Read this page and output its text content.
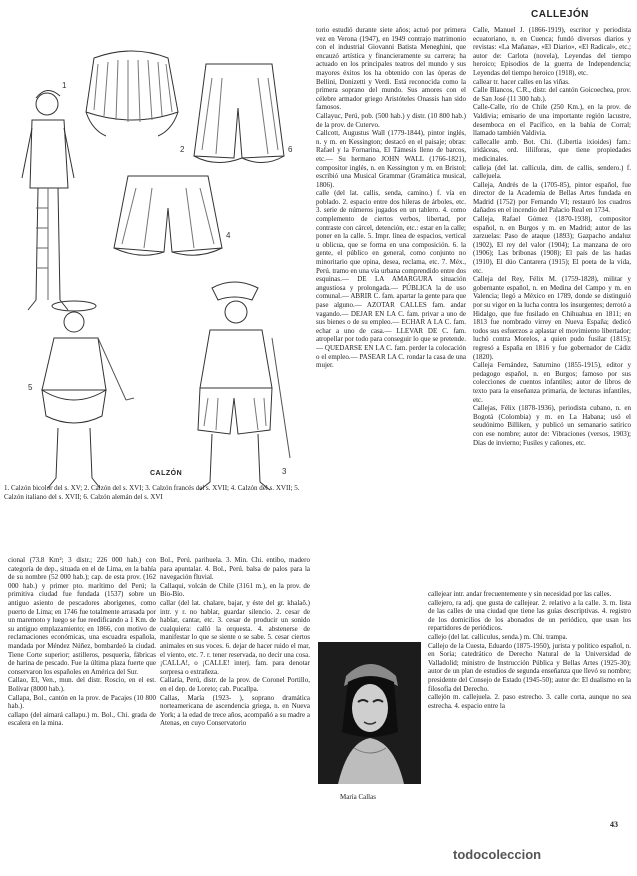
CALLEJÓN
1
2	6
4
5
3
CALZÓN
1. Calzón bicolor del s. XV; 2. Calzón del s. XVI; 3. Calzón francés del s. XVII; 4. Calzón del s. XVII; 5. Calzón italiano del s. XVII; 6. Calzón alemán del s. XVI

torio estudió durante siete años; actuó por primera vez en Verona (1947), en 1949 contrajo matrimonio con el industrial Giovanni Batista Meneghini, que encauzó artística y financieramente su carrera; ha actuado en los principales teatros del mundo y sus mayores éxitos los ha obtenido con las óperas de Bellini, Donizetti y Verdi. Está reconocida como la primera soprano del mundo. Sus amores con el célebre armador griego Aristóteles Onassis han sido famosos.

Callayuc, Perú, pob. (500 hab.) y distr. (10 800 hab.) de la prov. de Cutervo.

Callcott, Augustus Wall (1779-1844), pintor inglés, n. y m. en Kessington; destacó en el paisaje; obras: Rafael y la Fornarina, El Támesis lleno de barcos, etc.— Su hermano JOHN WALL (1766-1821), compositor inglés, n. en Kessington y m. en Bristol; escribió una Musical Grammar (Gramática musical, 1806).

calle (del lat. callis, senda, camino.) f. vía en poblado. 2. espacio entre dos hileras de árboles, etc. 3. serie de números jugados en un tablero. 4. como complemento de ciertos verbos, libertad, por contraste con cárcel, detención, etc.: estar en la calle; poner en la calle. 5. Impr. línea de espacios, vertical u oblicua, que se forma en una composición. 6. la gente, el público en general, como conjunto no minoritario que opina, desea, reclama, etc. 7. Méx., Perú. tramo en una vía urbana comprendido entre dos esquinas.— DE LA AMARGURA situación angustiosa y prolongada.— PÚBLICA la de uso comunal.— ABRIR C. fam. apartar la gente para que pase alguno.— AZOTAR CALLES fam. andar vagando.— DEJAR EN LA C. fam. privar a uno de sus bienes o de su empleo.— ECHAR A LA C. fam. echar a uno de casa.— LLEVAR DE C. fam. atropellar por todo para conseguir lo que se pretende.— QUEDARSE EN LA C. fam. perder la colocación o el empleo.— PASEAR LA C. rondar la casa de una mujer.

Calle, Manuel J. (1866-1919), escritor y periodista ecuatoriano, n. en Cuenca; fundó diversos diarios y revistas: «La Mañana», «El Diario», «El Radical», etc.; autor de: Carlota (novela), Leyendas del tiempo heroico; Episodios de la guerra de Independencia; Leyendas del tiempo heroico (1918), etc.

callear tr. hacer calles en las viñas.

Calle Blancos, C.R., distr. del cantón Goicoechea, prov. de San José (11 300 hab.).

Calle-Calle, río de Chile (250 Km.), en la prov. de Valdivia; emisario de una importante región lacustre, desemboca en el Pacífico, en la bahía de Corral; llamado también Valdivia.

callecalle amb. Bot. Chi. (Libertia ixioides) fam.: iridáceas, ord. liliíforas, que tiene propiedades medicinales.

calleja (del lat. calliculа, dim. de callis, sendero.) f. callejuela.

Calleja, Andrés de la (1705-85), pintor español, fue director de la Academia de Bellas Artes fundada en Madrid (1752) por Fernando VI; restauró los cuadros dañados en el incendio del Palacio Real en 1734.

Calleja, Rafael Gómez (1870-1938), compositor español, n. en Burgos y m. en Madrid; autor de las zarzuelas: Paso de ataque (1893); Gazpacho andaluz (1902), El rey del valor (1904); La manzana de oro (1906); Las bribonas (1908); El país de las hadas (1910), El dúo Cantarera (1915); El poeta de la vida, etc.

Calleja del Rey, Félix M. (1759-1828), militar y gobernante español, n. en Medina del Campo y m. en Valencia; llegó a México en 1789, donde se distinguió por su vigor en la lucha contra los insurgentes; derrotó a Hidalgo, que fue fusilado en Chihuahua en 1811; en 1813 fue nombrado virrey en Nueva España; dedicó todos sus esfuerzos a aplastar el movimiento libertador; luchó contra Morelos, a quien pudo fusilar (1815); regresó a España en 1816 y fue gobernador de Cádiz (1820).

Calleja Fernández, Saturnino (1855-1915), editor y pedagogo español, n. en Burgos; famoso por sus colecciones de cuentos infantiles; autor de libros de texto para la enseñanza primaria, de lecturas infantiles, etc.

Callejas, Félix (1878-1936), periodista cubano, n. en Bogotá (Colombia) y m. en La Habana; usó el seudónimo Billiken, y publicó un semanario satírico con ese nombre; autor de: Vibraciones (versos, 1903); Días de invierno; Fusiles y cañones, etc.

cional (73.8 Km²; 3 distr.; 226 000 hab.) con categoría de dep., situada en el de Lima, en la bahía de su nombre (52 000 hab.); cap. de esta prov. (162 000 hab.) y primer pto. marítimo del Perú; la primitiva ciudad fue fundada (1537) sobre un antiguo asiento de pescadores aborígenes, como puerto de Lima; en 1746 fue totalmente arrasada por un maremoto y luego se fue reedificando a 1 Km. de su antiguo emplazamiento; en 1866, con motivo de reclamaciones económicas, una escuadra española, mandada por Méndez Núñez, bombardeó la ciudad. Tiene Corte superior; astilleros, pesquería, fábricas de harina de pescado. Fue la última plaza fuerte que conservaron los españoles en América del Sur.

Callao, El, Ven., mun. del distr. Roscio, en el est. Bolívar (8000 hab.).

Callapa, Bol., cantón en la prov. de Pacajes (10 800 hab.).

callapo (del aimará callapu.) m. Bol., Chi. grada de escalera en la mina.

Bol., Perú. parihuela. 3. Min. Chi. entibo, madero para apuntalar. 4. Bol., Perú. balsa de palos para la navegación fluvial.

Callaqui, volcán de Chile (3161 m.), en la prov. de Bío-Bío.

callar (del lat. chalare, bajar, y éste del gr. khalaõ.) intr. y r. no hablar, guardar silencio. 2. cesar de hablar, cantar, etc. 3. cesar de producir un sonido cualquiera: calló la orquesta. 4. abstenerse de manifestar lo que se siente o se sabe. 5. cesar ciertos animales en sus voces. 6. dejar de hacer ruido el mar, el viento, etc. 7. r. tener reservada, no decir una cosa. ¡CALLA!, o ¡CALLE! interj. fam. para denotar sorpresa o extrañeza.

Callaría, Perú, distr. de la prov. de Coronel Portillo, en el dep. de Loreto; cab. Pucallpa.

Callas, María (1923- ), soprano dramática norteamericana de ascendencia griega, n. en Nueva York; a la edad de trece años, acompañó a su madre a Atenas, en cuyo Conservatorio

María Callas

callejear intr. andar frecuentemente y sin necesidad por las calles.

callejero, ra adj. que gusta de callejear. 2. relativo a la calle. 3. m. lista de las calles de una ciudad que tiene las guías descriptivas. 4. registro de los domicilios de los abonados de un periódico, que usan los repartidores de periódicos.

callejo (del lat. calliculus, senda.) m. Chi. trampa.

Callejo de la Cuesta, Eduardo (1875-1950), jurista y político español, n. en Soria; catedrático de Derecho Natural de la Universidad de Valladolid; ministro de Instrucción Pública y Bellas Artes (1925-30); autor de un plan de estudios de segunda enseñanza que llevó su nombre; presidente del Consejo de Estado (1945-50); autor de: El dualismo en la filosofía del Derecho.

callejón m. callejuela. 2. paso estrecho. 3. calle corta, aunque no sea estrecha. 4. espacio entre la

43
todocoleccion
